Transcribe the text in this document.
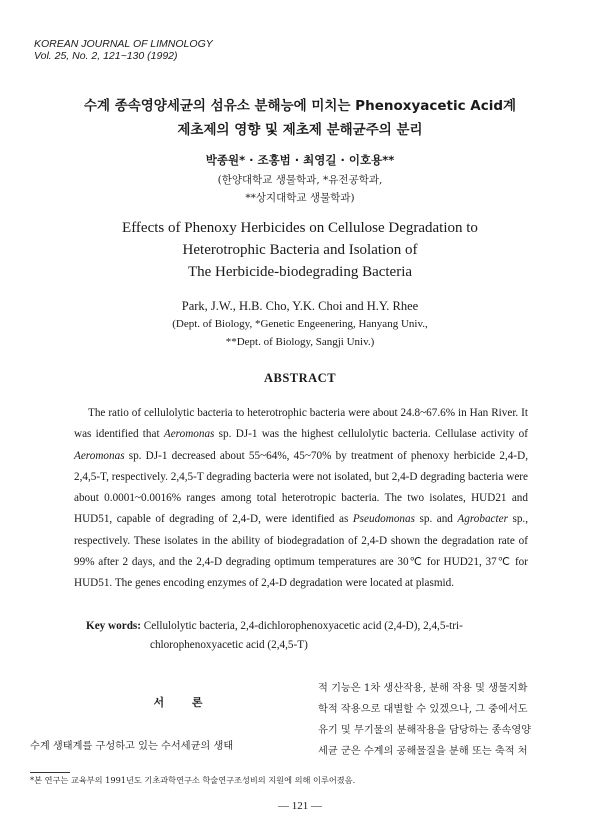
KOREAN JOURNAL OF LIMNOLOGY
Vol. 25, No. 2, 121~130 (1992)
수계 종속영양세균의 섬유소 분해능에 미치는 Phenoxyacetic Acid계
제초제의 영향 및 제초제 분해균주의 분리
박종원* · 조홍범 · 최영길 · 이호용**
(한양대학교 생물학과, *유전공학과,
**상지대학교 생물학과)
Effects of Phenoxy Herbicides on Cellulose Degradation to
Heterotrophic Bacteria and Isolation of
The Herbicide-biodegrading Bacteria
Park, J.W., H.B. Cho, Y.K. Choi and H.Y. Rhee
(Dept. of Biology, *Genetic Engeenering, Hanyang Univ.,
**Dept. of Biology, Sangji Univ.)
ABSTRACT

The ratio of cellulolytic bacteria to heterotrophic bacteria were about 24.8~67.6% in Han River. It was identified that Aeromonas sp. DJ-1 was the highest cellulolytic bacteria. Cellulase activity of Aeromonas sp. DJ-1 decreased about 55~64%, 45~70% by treatment of phenoxy herbicide 2,4-D, 2,4,5-T, respectively. 2,4,5-T degrading bacteria were not isolated, but 2,4-D degrading bacteria were about 0.0001~0.0016% ranges among total heterotropic bacteria. The two isolates, HUD21 and HUD51, capable of degrading of 2,4-D, were identified as Pseudomonas sp. and Agrobacter sp., respectively. These isolates in the ability of biodegradation of 2,4-D shown the degradation rate of 99% after 2 days, and the 2,4-D degrading optimum temperatures are 30℃ for HUD21, 37℃ for HUD51. The genes encoding enzymes of 2,4-D degradation were located at plasmid.

Key words: Cellulolytic bacteria, 2,4-dichlorophenoxyacetic acid (2,4-D), 2,4,5-tri-
chlorophenoxyacetic acid (2,4,5-T)
서 론
수계 생태계를 구성하고 있는 수서세균의 생태
적 기능은 1차 생산작용, 분해 작용 및 생물지화
학적 작용으로 대별할 수 있겠으나, 그 중에서도
유기 및 무기물의 분해작용을 담당하는 종속영양
세균 군은 수계의 공해물질을 분해 또는 축적 처
*본 연구는 교육부의 1991년도 기초과학연구소 학술연구조성비의 지원에 의해 이루어졌음.
— 121 —
